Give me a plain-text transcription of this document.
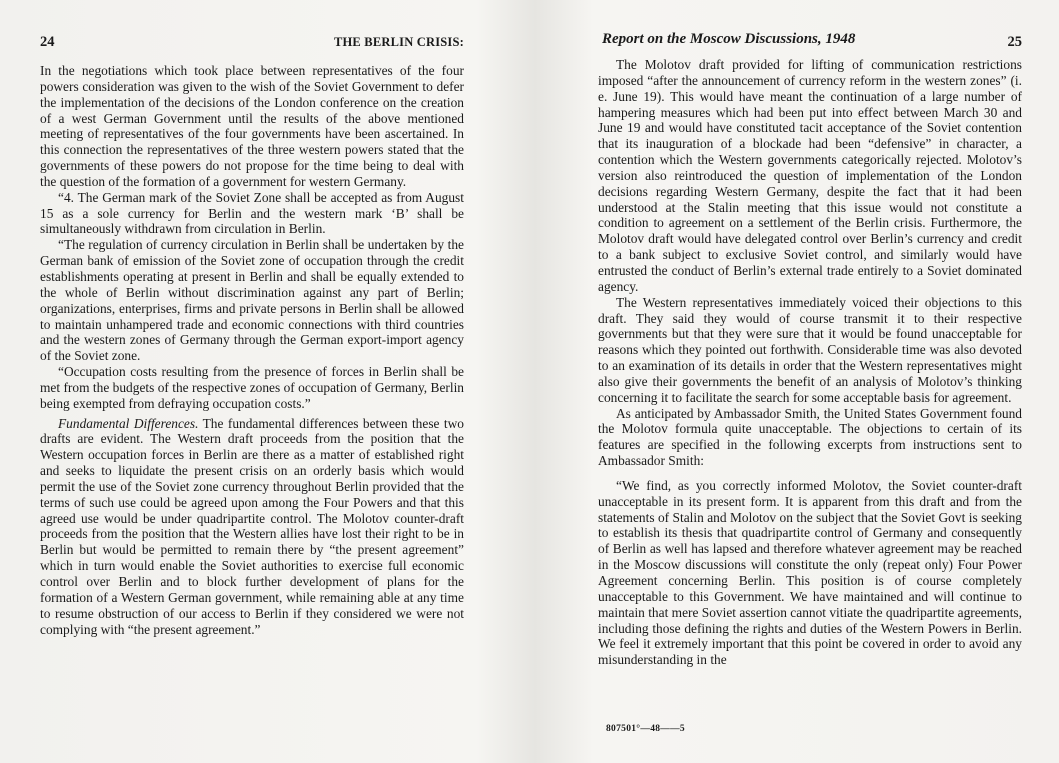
24	THE BERLIN CRISIS:

In the negotiations which took place between representatives of the four powers consideration was given to the wish of the Soviet Government to defer the implementation of the decisions of the London conference on the creation of a west German Government until the results of the above mentioned meeting of representatives of the four governments have been ascertained. In this connection the representatives of the three western powers stated that the governments of these powers do not propose for the time being to deal with the question of the formation of a government for western Germany.

“4. The German mark of the Soviet Zone shall be accepted as from August 15 as a sole currency for Berlin and the western mark ‘B’ shall be simultaneously withdrawn from circulation in Berlin.

“The regulation of currency circulation in Berlin shall be undertaken by the German bank of emission of the Soviet zone of occupation through the credit establishments operating at present in Berlin and shall be equally extended to the whole of Berlin without discrimination against any part of Berlin; organizations, enterprises, firms and private persons in Berlin shall be allowed to maintain unhampered trade and economic connections with third countries and the western zones of Germany through the German export-import agency of the Soviet zone.

“Occupation costs resulting from the presence of forces in Berlin shall be met from the budgets of the respective zones of occupation of Germany, Berlin being exempted from defraying occupation costs.”

Fundamental Differences. The fundamental differences between these two drafts are evident. The Western draft proceeds from the position that the Western occupation forces in Berlin are there as a matter of established right and seeks to liquidate the present crisis on an orderly basis which would permit the use of the Soviet zone currency throughout Berlin provided that the terms of such use could be agreed upon among the Four Powers and that this agreed use would be under quadripartite control. The Molotov counter-draft proceeds from the position that the Western allies have lost their right to be in Berlin but would be permitted to remain there by “the present agreement” which in turn would enable the Soviet authorities to exercise full economic control over Berlin and to block further development of plans for the formation of a Western German government, while remaining able at any time to resume obstruction of our access to Berlin if they considered we were not complying with “the present agreement.”

Report on the Moscow Discussions, 1948	25

The Molotov draft provided for lifting of communication restrictions imposed “after the announcement of currency reform in the western zones” (i. e. June 19). This would have meant the continuation of a large number of hampering measures which had been put into effect between March 30 and June 19 and would have constituted tacit acceptance of the Soviet contention that its inauguration of a blockade had been “defensive” in character, a contention which the Western governments categorically rejected. Molotov’s version also reintroduced the question of implementation of the London decisions regarding Western Germany, despite the fact that it had been understood at the Stalin meeting that this issue would not constitute a condition to agreement on a settlement of the Berlin crisis. Furthermore, the Molotov draft would have delegated control over Berlin’s currency and credit to a bank subject to exclusive Soviet control, and similarly would have entrusted the conduct of Berlin’s external trade entirely to a Soviet dominated agency.

The Western representatives immediately voiced their objections to this draft. They said they would of course transmit it to their respective governments but that they were sure that it would be found unacceptable for reasons which they pointed out forthwith. Considerable time was also devoted to an examination of its details in order that the Western representatives might also give their governments the benefit of an analysis of Molotov’s thinking concerning it to facilitate the search for some acceptable basis for agreement.

As anticipated by Ambassador Smith, the United States Government found the Molotov formula quite unacceptable. The objections to certain of its features are specified in the following excerpts from instructions sent to Ambassador Smith:

“We find, as you correctly informed Molotov, the Soviet counter-draft unacceptable in its present form. It is apparent from this draft and from the statements of Stalin and Molotov on the subject that the Soviet Govt is seeking to establish its thesis that quadripartite control of Germany and consequently of Berlin as well has lapsed and therefore whatever agreement may be reached in the Moscow discussions will constitute the only (repeat only) Four Power Agreement concerning Berlin. This position is of course completely unacceptable to this Government. We have maintained and will continue to maintain that mere Soviet assertion cannot vitiate the quadripartite agreements, including those defining the rights and duties of the Western Powers in Berlin. We feel it extremely important that this point be covered in order to avoid any misunderstanding in the

807501°—48——5
